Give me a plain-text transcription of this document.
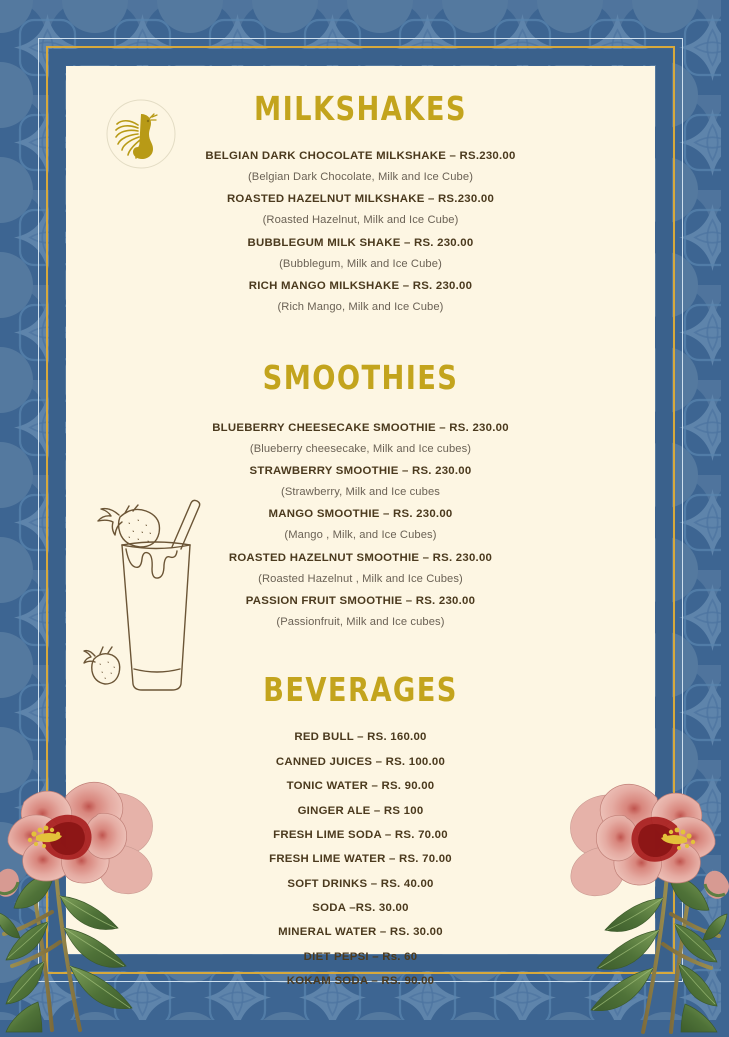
MILKSHAKES
BELGIAN DARK CHOCOLATE MILKSHAKE – RS.230.00
(Belgian Dark Chocolate, Milk and Ice Cube)
ROASTED HAZELNUT MILKSHAKE – RS.230.00
(Roasted Hazelnut, Milk and Ice Cube)
BUBBLEGUM MILK SHAKE – RS. 230.00
(Bubblegum, Milk and Ice Cube)
RICH MANGO MILKSHAKE – RS. 230.00
(Rich Mango, Milk and Ice Cube)
SMOOTHIES
BLUEBERRY CHEESECAKE SMOOTHIE – RS. 230.00
(Blueberry cheesecake, Milk and Ice cubes)
STRAWBERRY SMOOTHIE – RS. 230.00
(Strawberry, Milk and Ice cubes
MANGO SMOOTHIE – RS. 230.00
(Mango , Milk, and Ice Cubes)
ROASTED HAZELNUT SMOOTHIE – RS. 230.00
(Roasted Hazelnut , Milk and Ice Cubes)
PASSION FRUIT SMOOTHIE – RS. 230.00
(Passionfruit, Milk and Ice cubes)
BEVERAGES
RED BULL – RS. 160.00
CANNED JUICES – RS. 100.00
TONIC WATER – RS. 90.00
GINGER ALE – RS 100
FRESH LIME SODA – RS. 70.00
FRESH LIME WATER – RS. 70.00
SOFT DRINKS – RS. 40.00
SODA –RS. 30.00
MINERAL WATER – RS. 30.00
DIET PEPSI – Rs. 60
KOKAM SODA – RS. 90.00
